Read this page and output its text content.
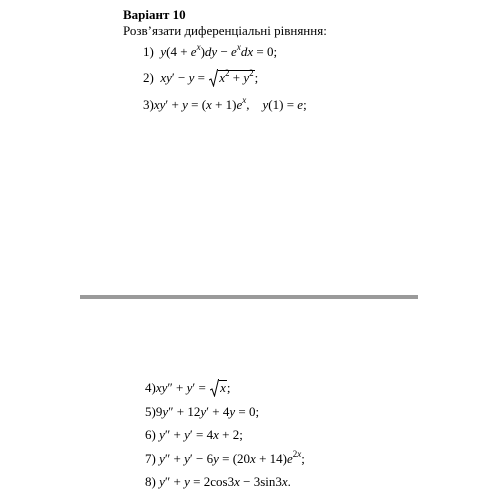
Варіант 10
Розв’язати диференціальні рівняння:
1)  $y(4 + e^x)dy - e^xdx = 0$;
2)  xy′ − y =
$x^2 + y^2$;
$3)xy' + y = (x + 1)e^x$,    y(1) = e;
4)xy″ + y′ =
x;
5)9y″ + 12y′ + 4y = 0;
6) y″ + y′ = 4x + 2;
7) $y'' + y' - 6y = (20x + 14)e^{2x}$;
8) y″ + y = 2cos3x − 3sin3x.
